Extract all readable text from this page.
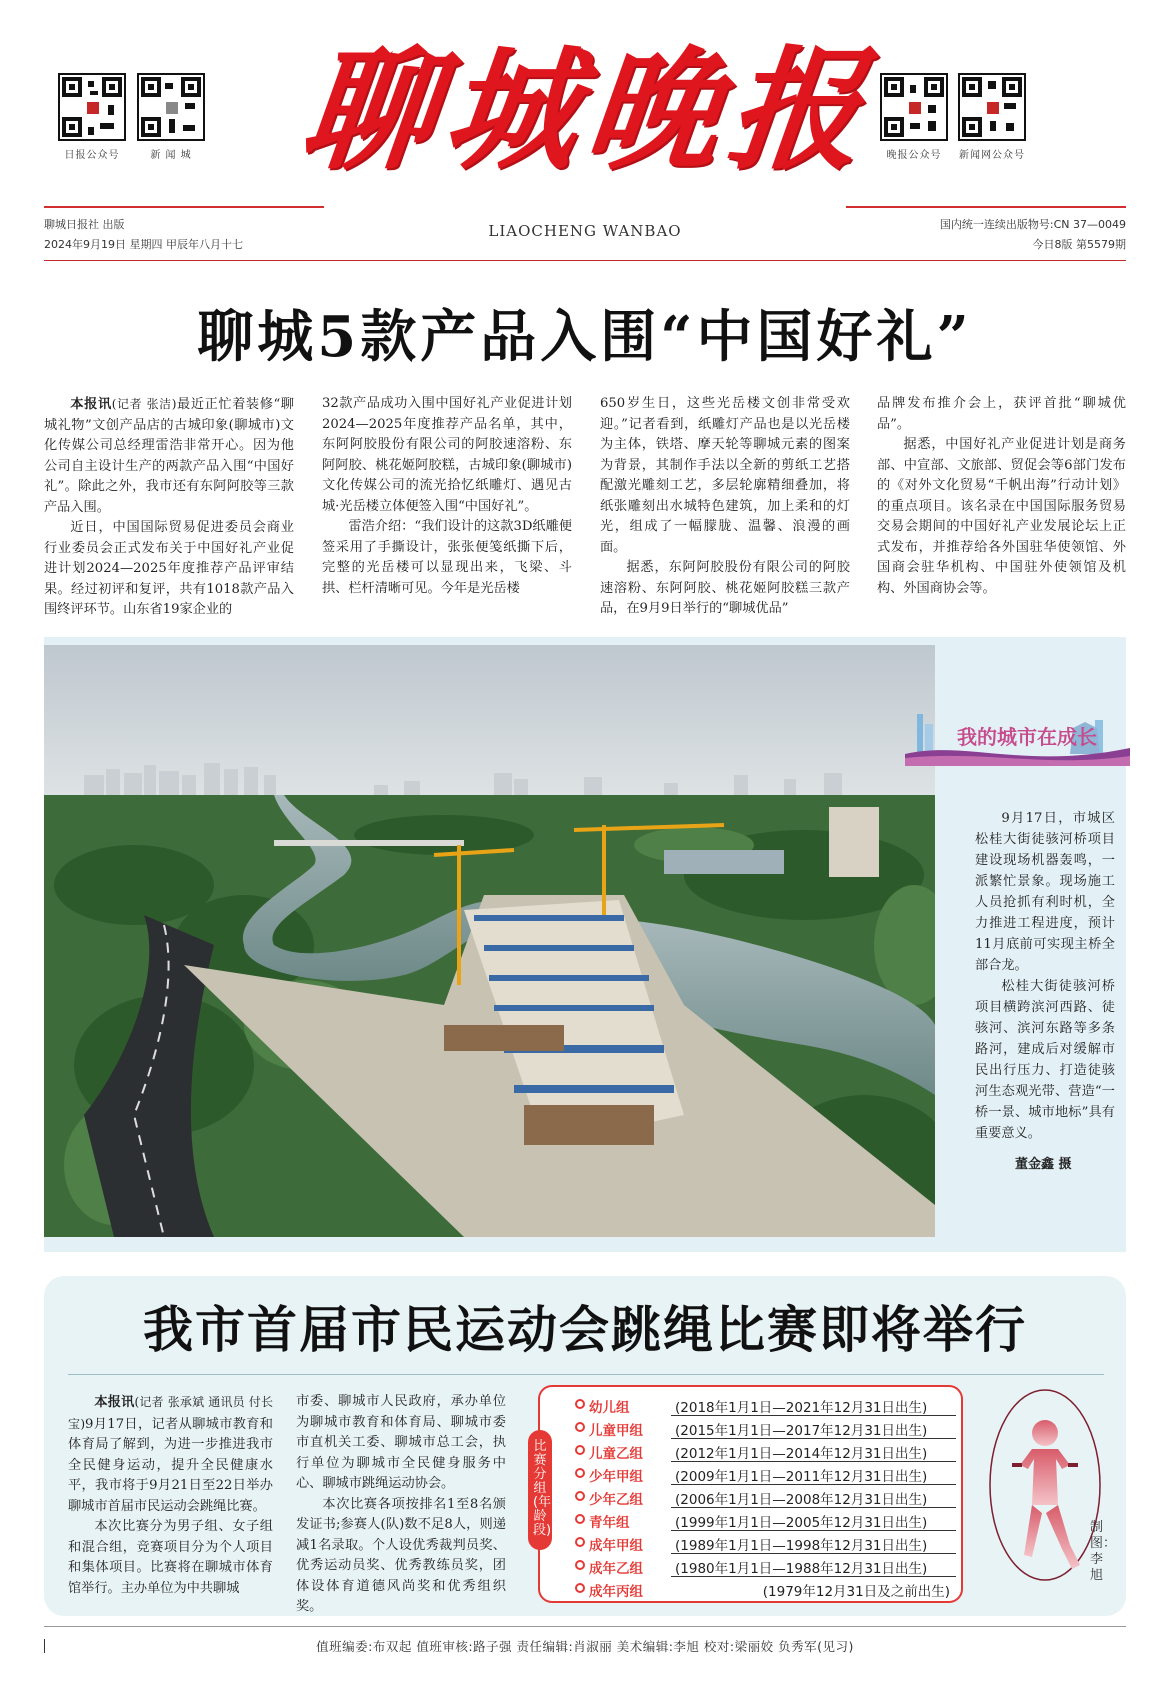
日报公众号	新 闻 城 聊城晚报 晚报公众号	新闻网公众号
聊城日报社 出版
2024年9月19日 星期四 甲辰年八月十七
LIAOCHENG WANBAO	国内统一连续出版物号:CN 37—0049
今日8版 第5579期
聊城5款产品入围“中国好礼”

本报讯(记者 张洁)最近正忙着装修“聊城礼物”文创产品店的古城印象(聊城市)文化传媒公司总经理雷浩非常开心。因为他公司自主设计生产的两款产品入围“中国好礼”。除此之外，我市还有东阿阿胶等三款产品入围。

近日，中国国际贸易促进委员会商业行业委员会正式发布关于中国好礼产业促进计划2024—2025年度推荐产品评审结果。经过初评和复评，共有1018款产品入围终评环节。山东省19家企业的

32款产品成功入围中国好礼产业促进计划2024—2025年度推荐产品名单，其中，东阿阿胶股份有限公司的阿胶速溶粉、东阿阿胶、桃花姬阿胶糕，古城印象(聊城市)文化传媒公司的流光拾忆纸雕灯、遇见古城·光岳楼立体便签入围“中国好礼”。

雷浩介绍：“我们设计的这款3D纸雕便签采用了手撕设计，张张便笺纸撕下后，完整的光岳楼可以显现出来，飞梁、斗拱、栏杆清晰可见。今年是光岳楼

650岁生日，这些光岳楼文创非常受欢迎。”记者看到，纸雕灯产品也是以光岳楼为主体，铁塔、摩天轮等聊城元素的图案为背景，其制作手法以全新的剪纸工艺搭配激光雕刻工艺，多层轮廓精细叠加，将纸张雕刻出水城特色建筑，加上柔和的灯光，组成了一幅朦胧、温馨、浪漫的画面。

据悉，东阿阿胶股份有限公司的阿胶速溶粉、东阿阿胶、桃花姬阿胶糕三款产品，在9月9日举行的“聊城优品”

品牌发布推介会上，获评首批“聊城优品”。

据悉，中国好礼产业促进计划是商务部、中宣部、文旅部、贸促会等6部门发布的《对外文化贸易“千帆出海”行动计划》的重点项目。该名录在中国国际服务贸易交易会期间的中国好礼产业发展论坛上正式发布，并推荐给各外国驻华使领馆、外国商会驻华机构、中国驻外使领馆及机构、外国商协会等。

我的城市在成长

9月17日，市城区松桂大街徒骇河桥项目建设现场机器轰鸣，一派繁忙景象。现场施工人员抢抓有利时机，全力推进工程进度，预计11月底前可实现主桥全部合龙。

松桂大街徒骇河桥项目横跨滨河西路、徒骇河、滨河东路等多条路河，建成后对缓解市民出行压力、打造徒骇河生态观光带、营造“一桥一景、城市地标”具有重要意义。

董金鑫 摄
我市首届市民运动会跳绳比赛即将举行

本报讯(记者 张承斌 通讯员 付长宝)9月17日，记者从聊城市教育和体育局了解到，为进一步推进我市全民健身运动，提升全民健康水平，我市将于9月21日至22日举办聊城市首届市民运动会跳绳比赛。

本次比赛分为男子组、女子组和混合组，竞赛项目分为个人项目和集体项目。比赛将在聊城市体育馆举行。主办单位为中共聊城

市委、聊城市人民政府，承办单位为聊城市教育和体育局、聊城市委市直机关工委、聊城市总工会，执行单位为聊城市全民健身服务中心、聊城市跳绳运动协会。

本次比赛各项按排名1至8名颁发证书;参赛人(队)数不足8人，则递减1名录取。个人设优秀裁判员奖、优秀运动员奖、优秀教练员奖，团体设体育道德风尚奖和优秀组织奖。

比赛分组(年龄段)
幼儿组	(2018年1月1日—2021年12月31日出生)
儿童甲组	(2015年1月1日—2017年12月31日出生)
儿童乙组	(2012年1月1日—2014年12月31日出生)
少年甲组	(2009年1月1日—2011年12月31日出生)
少年乙组	(2006年1月1日—2008年12月31日出生)
青年组	(1999年1月1日—2005年12月31日出生)
成年甲组	(1989年1月1日—1998年12月31日出生)
成年乙组	(1980年1月1日—1988年12月31日出生)
成年丙组	(1979年12月31日及之前出生)
制图：李旭
值班编委:布双起 值班审核:路子强 责任编辑:肖淑丽 美术编辑:李旭 校对:梁丽姣 负秀军(见习)
